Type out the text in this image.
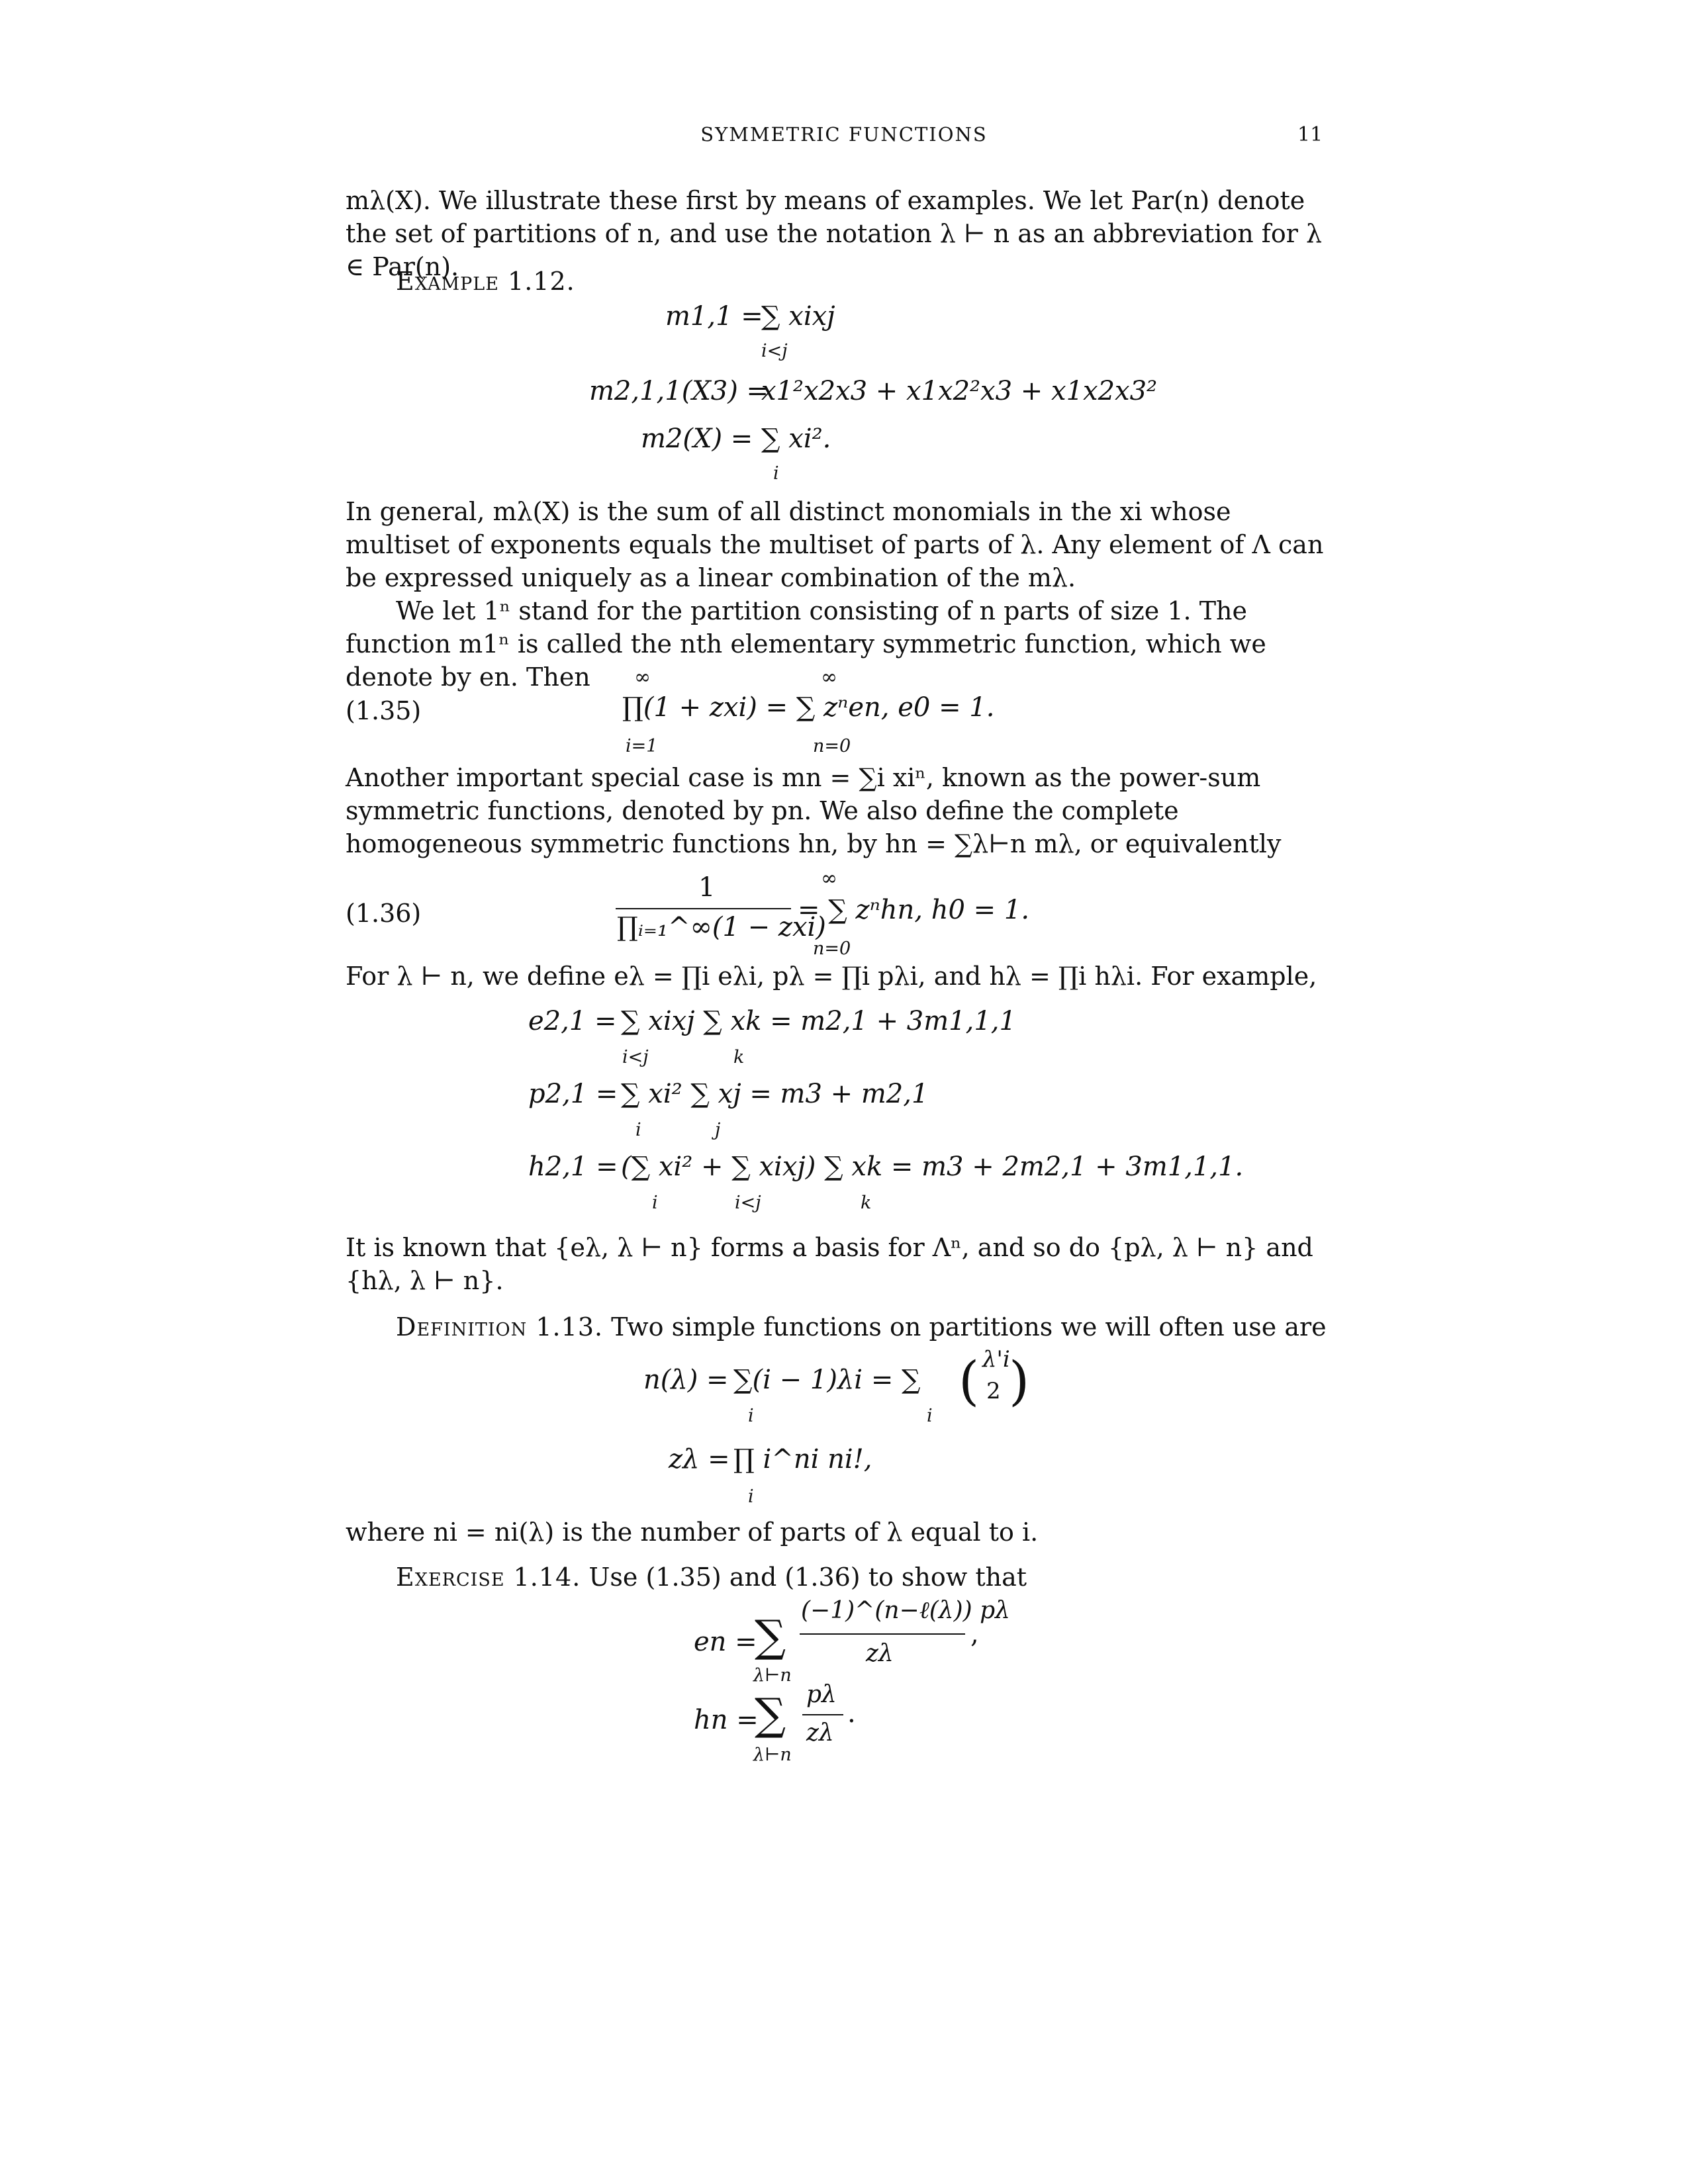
SYMMETRIC FUNCTIONS	11
mλ(X). We illustrate these first by means of examples. We let Par(n) denote the set of partitions of n, and use the notation λ ⊢ n as an abbreviation for λ ∈ Par(n).
Example 1.12.
m1,1 =
∑ xixj
i<j
m2,1,1(X3) =
x1²x2x3 + x1x2²x3 + x1x2x3²
m2(X) = ∑ xi².
i
In general, mλ(X) is the sum of all distinct monomials in the xi whose multiset of exponents equals the multiset of parts of λ. Any element of Λ can be expressed uniquely as a linear combination of the mλ.
We let 1ⁿ stand for the partition consisting of n parts of size 1. The function m1ⁿ is called the nth elementary symmetric function, which we denote by en. Then
(1.35)
∞
∏(1 + zxi) = ∑ zⁿen, e0 = 1.
i=1
∞
n=0
Another important special case is mn = ∑i xiⁿ, known as the power-sum symmetric functions, denoted by pn. We also define the complete homogeneous symmetric functions hn, by hn = ∑λ⊢n mλ, or equivalently
(1.36)
1
∏ᵢ₌₁^∞(1 − zxi)
∞
= ∑ zⁿhn, h0 = 1.
n=0
For λ ⊢ n, we define eλ = ∏i eλi, pλ = ∏i pλi, and hλ = ∏i hλi. For example,
e2,1 = ∑ xixj ∑ xk = m2,1 + 3m1,1,1
i<j	k
p2,1 = ∑ xi² ∑ xj = m3 + m2,1
i	j
h2,1 = (∑ xi² + ∑ xixj) ∑ xk = m3 + 2m2,1 + 3m1,1,1.
i	i<j	k
It is known that {eλ, λ ⊢ n} forms a basis for Λⁿ, and so do {pλ, λ ⊢ n} and {hλ, λ ⊢ n}.
Definition 1.13. Two simple functions on partitions we will often use are
n(λ) = ∑(i − 1)λi = ∑
i	i
( λ'i
2 )
zλ = ∏ i^ni ni!,
i
where ni = ni(λ) is the number of parts of λ equal to i.
Exercise 1.14. Use (1.35) and (1.36) to show that
en =
∑
(−1)^(n−ℓ(λ)) pλ
zλ
,
λ⊢n
hn =
∑ pλ
zλ
.
λ⊢n
